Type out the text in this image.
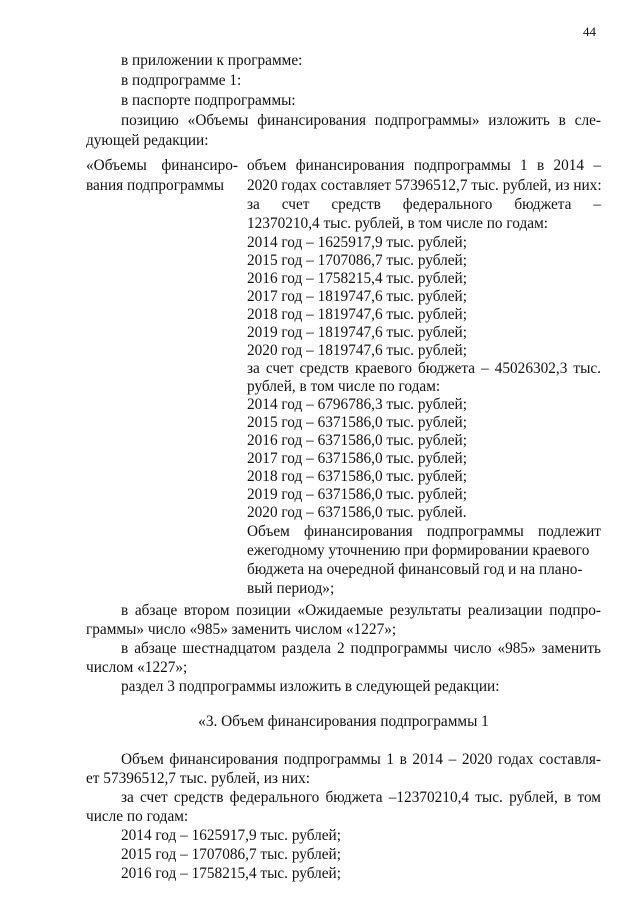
44
в приложении к программе:
в подпрограмме 1:
в паспорте подпрограммы:
позицию «Объемы финансирования подпрограммы» изложить в сле-
дующей редакции:
«Объемы финансиро-
вания подпрограммы
объем финансирования подпрограммы 1 в 2014 –
2020 годах составляет 57396512,7 тыс. рублей, из них:
за счет средств федерального бюджета –
12370210,4 тыс. рублей, в том числе по годам:
2014 год – 1625917,9 тыс. рублей;
2015 год – 1707086,7 тыс. рублей;
2016 год – 1758215,4 тыс. рублей;
2017 год – 1819747,6 тыс. рублей;
2018 год – 1819747,6 тыс. рублей;
2019 год – 1819747,6 тыс. рублей;
2020 год – 1819747,6 тыс. рублей;
за счет средств краевого бюджета – 45026302,3 тыс.
рублей, в том числе по годам:
2014 год – 6796786,3 тыс. рублей;
2015 год – 6371586,0 тыс. рублей;
2016 год – 6371586,0 тыс. рублей;
2017 год – 6371586,0 тыс. рублей;
2018 год – 6371586,0 тыс. рублей;
2019 год – 6371586,0 тыс. рублей;
2020 год – 6371586,0 тыс. рублей.
Объем финансирования подпрограммы подлежит
ежегодному уточнению при формировании краевого
бюджета на очередной финансовый год и на плано-
вый период»;
в абзаце втором позиции «Ожидаемые результаты реализации подпро-
граммы» число «985» заменить числом «1227»;
в абзаце шестнадцатом раздела 2 подпрограммы число «985» заменить
числом «1227»;
раздел 3 подпрограммы изложить в следующей редакции:
«3. Объем финансирования подпрограммы 1
Объем финансирования подпрограммы 1 в 2014 – 2020 годах составля-
ет 57396512,7 тыс. рублей, из них:
за счет средств федерального бюджета –12370210,4 тыс. рублей, в том
числе по годам:
2014 год – 1625917,9 тыс. рублей;
2015 год – 1707086,7 тыс. рублей;
2016 год – 1758215,4 тыс. рублей;
